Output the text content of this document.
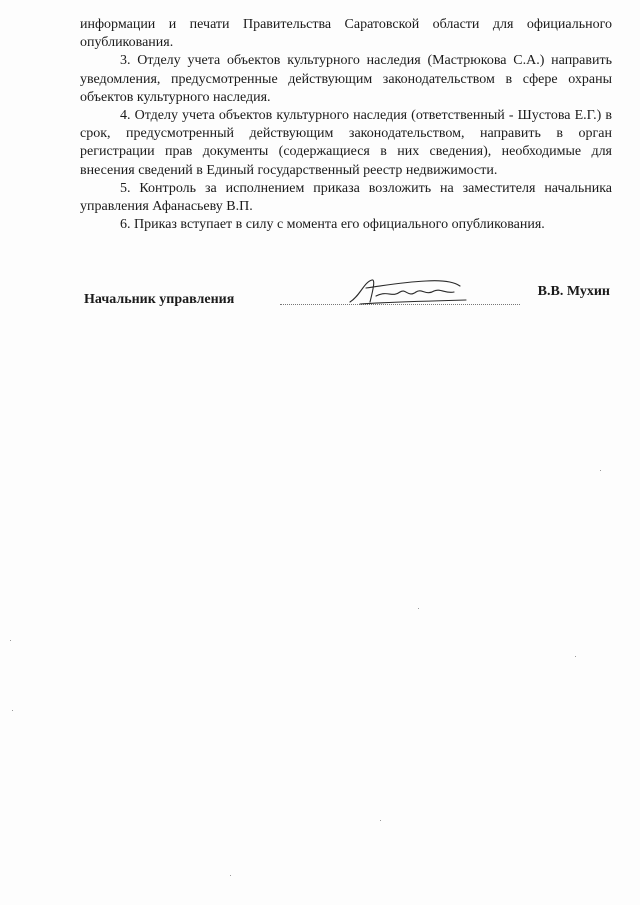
информации и печати Правительства Саратовской области для официального опубликования.

3. Отделу учета объектов культурного наследия (Мастрюкова С.А.) направить уведомления, предусмотренные действующим законодательством в сфере охраны объектов культурного наследия.

4. Отделу учета объектов культурного наследия (ответственный - Шустова Е.Г.) в срок, предусмотренный действующим законодательством, направить в орган регистрации прав документы (содержащиеся в них сведения), необходимые для внесения сведений в Единый государственный реестр недвижимости.

5. Контроль за исполнением приказа возложить на заместителя начальника управления Афанасьеву В.П.

6. Приказ вступает в силу с момента его официального опубликования.

Начальник управления
В.В. Мухин
